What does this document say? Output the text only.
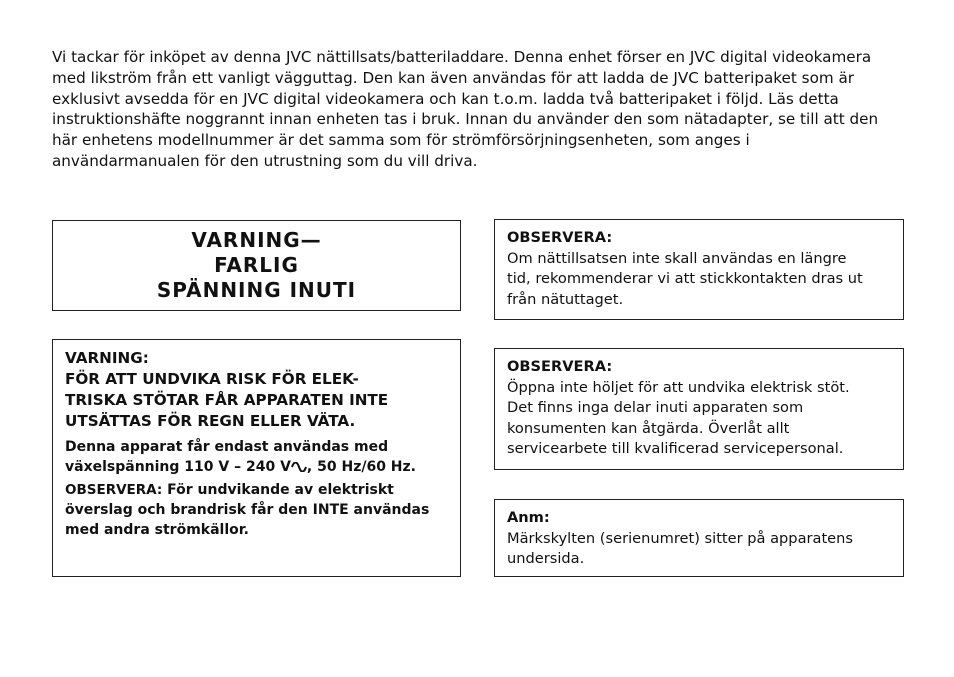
Vi tackar för inköpet av denna JVC nättillsats/batteriladdare. Denna enhet förser en JVC digital videokamera
med likström från ett vanligt vägguttag. Den kan även användas för att ladda de JVC batteripaket som är
exklusivt avsedda för en JVC digital videokamera och kan t.o.m. ladda två batteripaket i följd. Läs detta
instruktionshäfte noggrannt innan enheten tas i bruk. Innan du använder den som nätadapter, se till att den
här enhetens modellnummer är det samma som för strömförsörjningsenheten, som anges i
användarmanualen för den utrustning som du vill driva.

VARNING—
FARLIG
SPÄNNING INUTI
VARNING:
FÖR ATT UNDVIKA RISK FÖR ELEK-
TRISKA STÖTAR FÅR APPARATEN INTE
UTSÄTTAS FÖR REGN ELLER VÄTA.
Denna apparat får endast användas med
växelspänning 110 V – 240 V , 50 Hz/60 Hz.
OBSERVERA: För undvikande av elektriskt överslag och brandrisk får den INTE användas med andra strömkällor.
OBSERVERA:
Om nättillsatsen inte skall användas en längre
tid, rekommenderar vi att stickkontakten dras ut
från nätuttaget.
OBSERVERA:
Öppna inte höljet för att undvika elektrisk stöt.
Det finns inga delar inuti apparaten som
konsumenten kan åtgärda. Överlåt allt
servicearbete till kvalificerad servicepersonal.
Anm:
Märkskylten (serienumret) sitter på apparatens
undersida.
